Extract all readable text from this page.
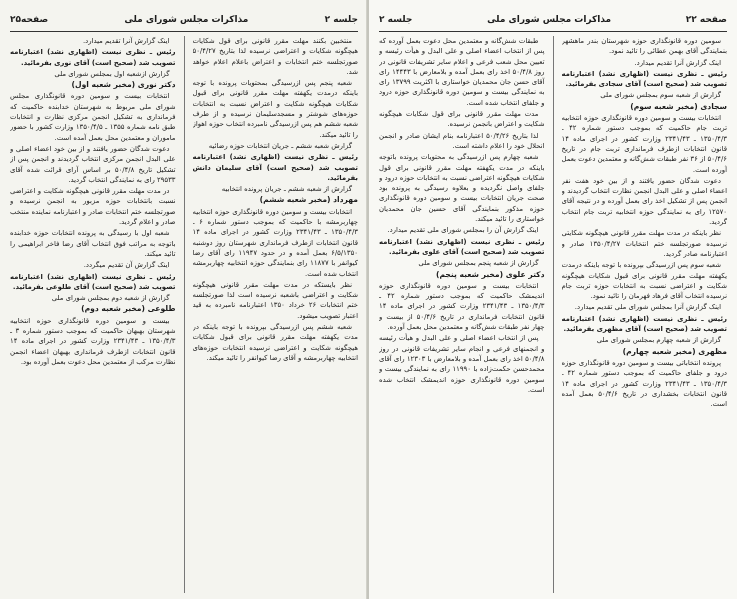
جلسه ۲
مذاکرات مجلس شورای ملی
صفحه۲۵

منتخبین بکنند مهلت مقرر قانونی برای قول شکایات هیچگونه شکایات و اعتراضی نرسیده لذا بتاریخ ۵۰/۴/۲۷ صورتجلسه ختم انتخابات و اعتراض باعلام اعلام خواهد شد.

شعبه پنجم پس ازرسیدگی بمحتویات پرونده با توجه باینکه درمدت یکهفته مهلت مقرر قانونی برای قبول شکایات هیچگونه شکایت و اعتراض نسبت به انتخابات حوزه‌های شوشتر و مسجدسلیمان نرسیده و از طرف شعبه ششم هم پس ازرسیدگی نامبرده انتخاب حوزه اهواز را تائید میکند.

گزارش شعبه ششم ـ جریان انتخابات حوزه رضائیه

رئیس ـ نظری نیست (اظهاری نشد) اعتبارنامه تصویب شد (صحیح است) آقای سلیمان دانش بفرمائید.

گزارش از شعبه ششم ـ جریان پرونده انتخابیه

مهرداد (مخبر شعبه ششم)

انتخابات بیست و سومین دوره قانونگذاری حوزه انتخابیه چهاربرمشه با حاکمیت که بموجب دستور شماره ۶ ـ ۱۳۵۰/۴/۳ ـ ۲۳۴۱/۴۳ وزارت کشور در اجرای ماده ۱۴ قانون انتخابات ازطرف فرمانداری شهرستان روز دوشنبه ۶/۵/۱۳۵۰ بعمل آمده و در حدود ۱۱۹۴۷ رای آقای رضا کیوانفر با ۱۱۸۷۷ رای بنمایندگی حوزه انتخابیه چهاربرمشه انتخاب شده است.

نظر بایستکه در مدت مهلت مقرر قانونی هیچگونه شکایت و اعتراضی باشعبه نرسیده است لذا صورتجلسه ختم انتخابات ۲۶ خرداد ۱۳۵۰ اعتبارنامه نامبرده به قید اعتبار تصویب میشود.

شعبه ششم پس ازرسیدگی بپرونده با توجه باینکه در مدت یکهفته مهلت مقرر قانونی برای قبول شکایات هیچگونه شکایت و اعتراضی نرسیده انتخابات حوزه‌های انتخابیه چهاربرمشه و آقای رضا کیوانفر را تائید میکند.

اینک گزارش آنرا تقدیم میدارد.

رئیس ـ نظری نیست (اظهاری نشد) اعتبارنامه تصویب شد (صحیح است) آقای نوری بفرمائید.

گزارش ازشعبه اول بمجلس شورای ملی

دکتر نوری (مخبر شعبه اول)

انتخابات بیست و سومین دوره قانونگذاری مجلس شورای ملی مربوط به شهرستان خدابنده حاکمیت که فرمانداری به تشکیل انجمن مرکزی نظارت و انتخابات طبق نامه شماره ۱۳۵۵ ـ ۱۳۵۰/۴/۵ وزارت کشور با حضور ماموران و معتمدین محل بعمل آمده است.

دعوت شدگان حضور یافتند و از بین خود اعضاء اصلی و علی البدل انجمن مرکزی انتخاب گردیدند و انجمن پس از تشکیل تاریخ ۵۰/۴/۸ بر اساس آرای قرائت شده آقای ۲۹۵۳۳ رای به نمایندگی انتخاب گردید.

در مدت مهلت مقرر قانونی هیچگونه شکایت و اعتراضی نسبت بانتخابات حوزه مزبور به انجمن نرسیده و صورتجلسه ختم انتخابات صادر و اعتبارنامه نماینده منتخب صادر و اعلام گردید.

شعبه اول با رسیدگی به پرونده انتخابات حوزه خدابنده باتوجه به مراتب فوق انتخاب آقای رضا فاخر ابراهیمی را تائید میکند.

اینک گزارش آن تقدیم میگردد.

رئیس ـ نظری نیست (اظهاری نشد) اعتبارنامه تصویب شد (صحیح است) آقای طلوعی بفرمائید.

گزارش از شعبه دوم بمجلس شورای ملی

طلوعی (مخبر شعبه دوم)

بیست و سومین دوره قانونگذاری حوزه انتخابیه شهرستان بهبهان حاکمیت که بموجب دستور شماره ۳ ـ ۱۳۵۰/۴/۳ ـ ۲۳۴۱/۴۳ وزارت کشور در اجرای ماده ۱۴ قانون انتخابات ازطرف فرمانداری بهبهان اعضاء انجمن نظارت مرکب از معتمدین محل دعوت بعمل آورده بود.

صفحه ۲۲
مذاکرات مجلس شورای ملی
جلسه ۲

سومین دوره قانونگذاری حوزه شهرستان بندر ماهشهر بنمایندگی آقای بهمن عطائی را تائید نمود.

اینک گزارش آنرا تقدیم میدارد.

رئیس ـ نظری نیست (اظهاری نشد) اعتبارنامه تصویب شد (صحیح است) آقای سجادی بفرمائید.

گزارش از شعبه سوم بمجلس شورای ملی

سجادی (مخبر شعبه سوم)

انتخابات بیست و سومین دوره قانونگذاری حوزه انتخابیه تربت جام حاکمیت که بموجب دستور شماره ۴۲ ـ ۱۳۵۰/۴/۳ ـ ۲۳۴۱/۴۳ وزارت کشور در اجرای ماده ۱۴ قانون انتخابات ازطرف فرمانداری تربت جام در تاریخ ۵۰/۴/۶ از ۳۶ نفر طبقات شش‌گانه و معتمدین دعوت بعمل آورده است.

دعوت شدگان حضور یافتند و از بین خود هفت نفر اعضاء اصلی و علی البدل انجمن نظارت انتخاب گردیدند و انجمن پس از تشکیل اخذ رای بعمل آورده و در نتیجه آقای ۱۲۵۷۰ رای به نمایندگی حوزه انتخابیه تربت جام انتخاب گردید.

نظر باینکه در مدت مهلت مقرر قانونی هیچگونه شکایتی نرسیده صورتجلسه ختم انتخابات ۱۳۵۰/۴/۲۷ صادر و اعتبارنامه صادر گردید.

شعبه سوم پس ازرسیدگی بپرونده با توجه باینکه درمدت یکهفته مهلت مقرر قانونی برای قبول شکایات هیچگونه شکایت و اعتراضی نسبت به انتخابات حوزه تربت جام نرسیده انتخاب آقای فرهاد فهرمان را تائید نمود.

اینک گزارش آنرا بمجلس شورای ملی تقدیم میدارد.

رئیس ـ نظری نیست (اظهاری نشد) اعتبارنامه تصویب شد (صحیح است) آقای مظهری بفرمائید.

گزارش از شعبه چهارم بمجلس شورای ملی

مظهری (مخبر شعبه چهارم)

پرونده انتخاباتی بیست و سومین دوره قانونگذاری حوزه درود و جلفای حاکمیت که بموجب دستور شماره ۴۲ ـ ۱۳۵۰/۴/۳ ـ ۲۳۴۱/۴۳ وزارت کشور در اجرای ماده ۱۴ قانون انتخابات بخشداری در تاریخ ۵۰/۴/۶ بعمل آمده است.

طبقات شش‌گانه و معتمدین محل دعوت بعمل آورده که پس از انتخاب اعضاء اصلی و علی البدل و هیأت رئیسه و تعیین محل شعب فرعی و اعلام سایر تشریفات قانونی در روز ۵۰/۴/۸ اخذ رای بعمل آمده و بلامعارض با ۱۴۴۴۳ رای آقای حسن جان محمدیان خواستاری با اکثریت ۱۳۷۹۹ رای به نمایندگی بیست و سومین دوره قانونگذاری حوزه درود و جلفای انتخاب شده است.

مدت مهلت مقرر قانونی برای قول شکایات هیچگونه شکایت و اعتراض بانجمن نرسیده.

لذا بتاریخ ۵۰/۴/۲۶ اعتبارنامه بنام ایشان صادر و انجمن انحلال خود را اعلام داشته است.

شعبه چهارم پس ازرسیدگی به محتویات پرونده باتوجه باینکه در مدت یکهفته مهلت مقرر قانونی برای قول شکایات هیچگونه اعتراضی نسبت به انتخابات حوزه درود و جلفای واصل نگردیده و بعلاوه رسیدگی به پرونده بود صحت جریان انتخابات بیست و سومین دوره قانونگذاری حوزه مذکور بنمایندگی آقای حسین جان محمدیان خواستاری را تائید میکند.

اینک گزارش آن را بمجلس شورای ملی تقدیم میدارد.

رئیس ـ نظری نیست (اظهاری نشد) اعتبارنامه تصویب شد (صحیح است) آقای علوی بفرمائید.

گزارش از شعبه پنجم بمجلس شورای ملی

دکتر علوی (مخبر شعبه پنجم)

انتخابات بیست و سومین دوره قانونگذاری حوزه اندیمشک حاکمیت که بموجب دستور شماره ۴۲ ـ ۱۳۵۰/۴/۳ ـ ۲۳۴۱/۴۳ وزارت کشور در اجرای ماده ۱۴ قانون انتخابات فرمانداری در تاریخ ۵۰/۴/۶ از بیست و چهار نفر طبقات شش‌گانه و معتمدین محل بعمل آورده.

پس از انتخاب اعضاء اصلی و علی البدل و هیأت رئیسه و انجمنهای فرعی و انجام سایر تشریفات قانونی در روز ۵۰/۴/۸ اخذ رای بعمل آمده و بلامعارض با ۱۲۳۰۳ رای آقای محمدحسن حکمت‌زاده با ۱۱۹۹۰ رای به نمایندگی بیست و سومین دوره قانونگذاری حوزه اندیمشک انتخاب شده است.
